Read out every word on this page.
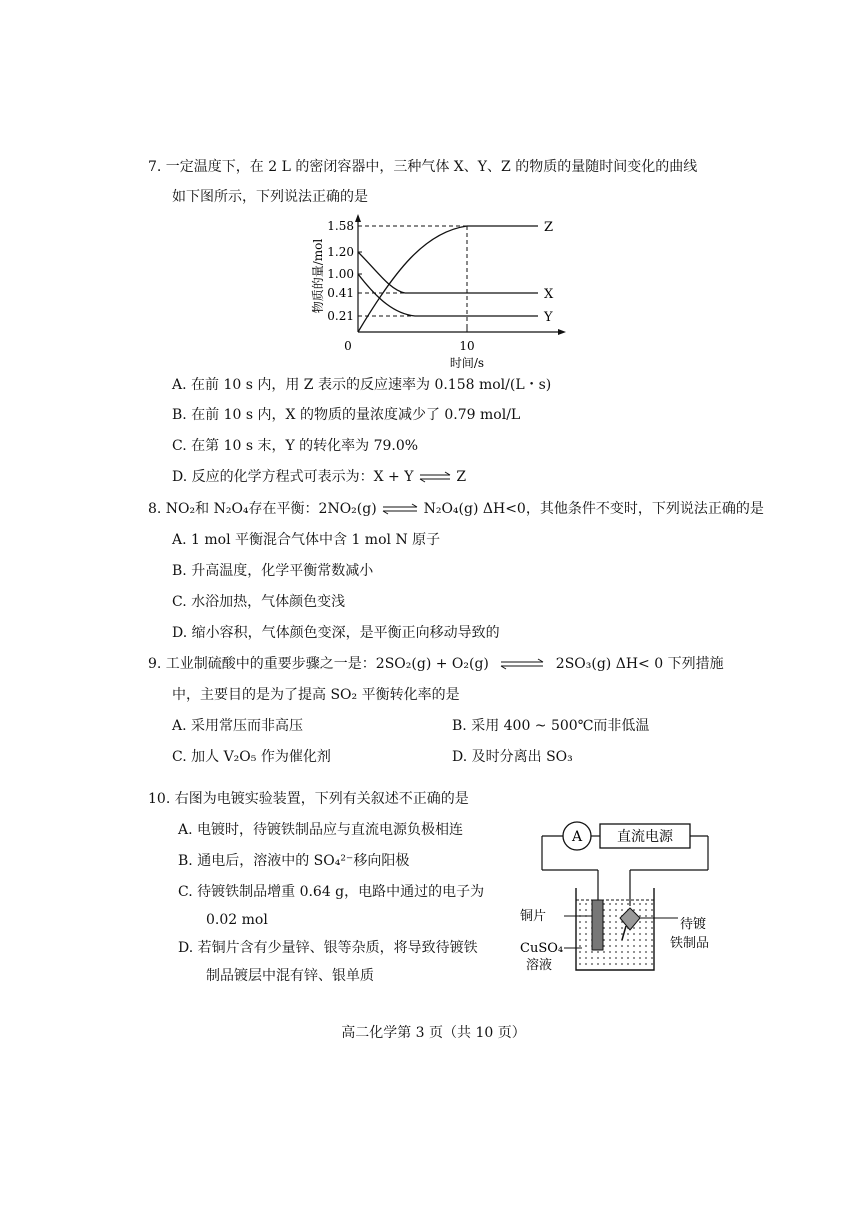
7. 一定温度下，在 2 L 的密闭容器中，三种气体 X、Y、Z 的物质的量随时间变化的曲线
如下图所示，下列说法正确的是
1.58
1.20
1.00
0.41
0.21
0	10
时间/s
物质的量/mol
Z
X
Y
A. 在前 10 s 内，用 Z 表示的反应速率为 0.158 mol/(L・s)
B. 在前 10 s 内，X 的物质的量浓度减少了 0.79 mol/L
C. 在第 10 s 末，Y 的转化率为 79.0%
D. 反应的化学方程式可表示为：X + Y ⇌ Z
8. NO₂和 N₂O₄存在平衡：2NO₂(g) ⇌ N₂O₄(g) ΔH<0，其他条件不变时，下列说法正确的是
A. 1 mol 平衡混合气体中含 1 mol N 原子
B. 升高温度，化学平衡常数减小
C. 水浴加热，气体颜色变浅
D. 缩小容积，气体颜色变深，是平衡正向移动导致的
9. 工业制硫酸中的重要步骤之一是：2SO₂(g) + O₂(g) ⇌ 2SO₃(g) ΔH< 0 下列措施
中，主要目的是为了提高 SO₂ 平衡转化率的是
A. 采用常压而非高压	B. 采用 400 ~ 500℃而非低温
C. 加人 V₂O₅ 作为催化剂	D. 及时分离出 SO₃
10. 右图为电镀实验装置，下列有关叙述不正确的是
A. 电镀时，待镀铁制品应与直流电源负极相连
B. 通电后，溶液中的 SO₄²⁻移向阳极
C. 待镀铁制品增重 0.64 g，电路中通过的电子为
0.02 mol
D. 若铜片含有少量锌、银等杂质，将导致待镀铁
制品镀层中混有锌、银单质
A 直流电源
铜片
CuSO₄
溶液
待镀
铁制品
高二化学第 3 页（共 10 页）
